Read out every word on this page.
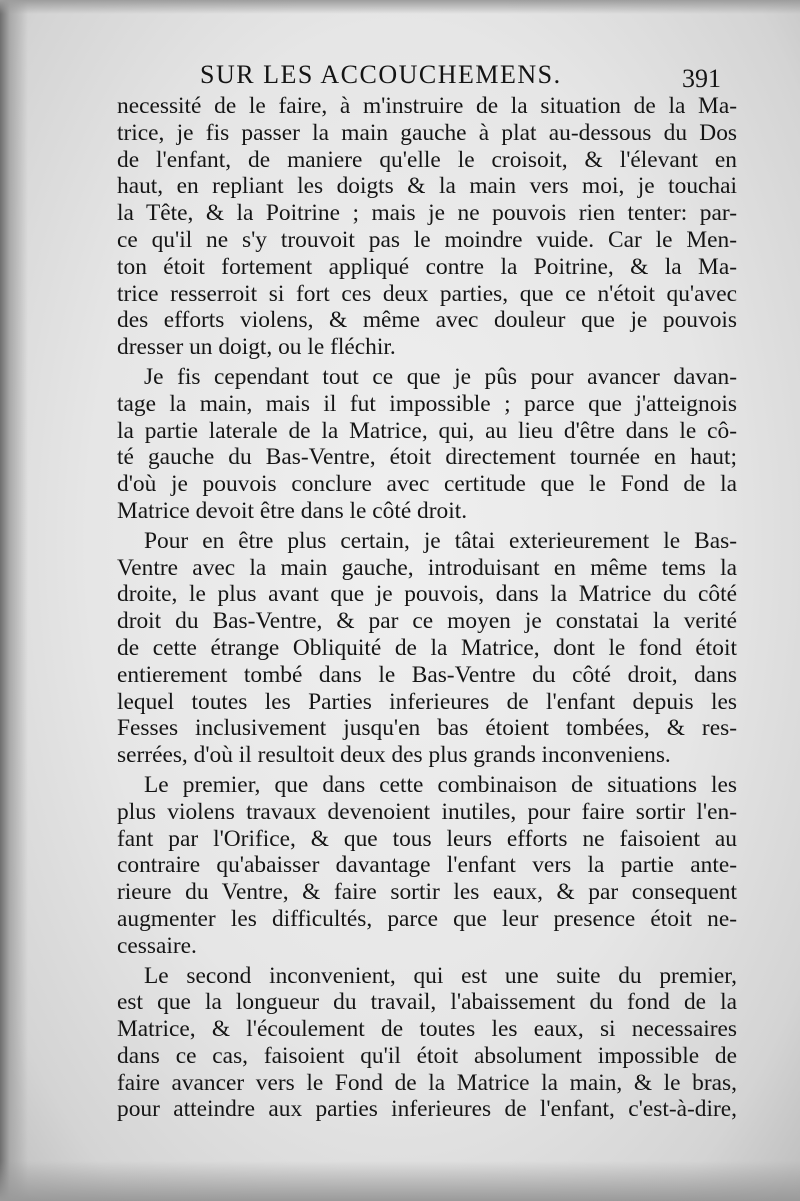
SUR LES ACCOUCHEMENS.	391
necessité de le faire, à m'instruire de la situation de la Ma-
trice, je fis passer la main gauche à plat au-dessous du Dos
de l'enfant, de maniere qu'elle le croisoit, & l'élevant en
haut, en repliant les doigts & la main vers moi, je touchai
la Tête, & la Poitrine ; mais je ne pouvois rien tenter: par-
ce qu'il ne s'y trouvoit pas le moindre vuide. Car le Men-
ton étoit fortement appliqué contre la Poitrine, & la Ma-
trice resserroit si fort ces deux parties, que ce n'étoit qu'avec
des efforts violens, & même avec douleur que je pouvois
dresser un doigt, ou le fléchir.
Je fis cependant tout ce que je pûs pour avancer davan-
tage la main, mais il fut impossible ; parce que j'atteignois
la partie laterale de la Matrice, qui, au lieu d'être dans le cô-
té gauche du Bas-Ventre, étoit directement tournée en haut;
d'où je pouvois conclure avec certitude que le Fond de la
Matrice devoit être dans le côté droit.
Pour en être plus certain, je tâtai exterieurement le Bas-
Ventre avec la main gauche, introduisant en même tems la
droite, le plus avant que je pouvois, dans la Matrice du côté
droit du Bas-Ventre, & par ce moyen je constatai la verité
de cette étrange Obliquité de la Matrice, dont le fond étoit
entierement tombé dans le Bas-Ventre du côté droit, dans
lequel toutes les Parties inferieures de l'enfant depuis les
Fesses inclusivement jusqu'en bas étoient tombées, & res-
serrées, d'où il resultoit deux des plus grands inconveniens.
Le premier, que dans cette combinaison de situations les
plus violens travaux devenoient inutiles, pour faire sortir l'en-
fant par l'Orifice, & que tous leurs efforts ne faisoient au
contraire qu'abaisser davantage l'enfant vers la partie ante-
rieure du Ventre, & faire sortir les eaux, & par consequent
augmenter les difficultés, parce que leur presence étoit ne-
cessaire.
Le second inconvenient, qui est une suite du premier,
est que la longueur du travail, l'abaissement du fond de la
Matrice, & l'écoulement de toutes les eaux, si necessaires
dans ce cas, faisoient qu'il étoit absolument impossible de
faire avancer vers le Fond de la Matrice la main, & le bras,
pour atteindre aux parties inferieures de l'enfant, c'est-à-dire,
